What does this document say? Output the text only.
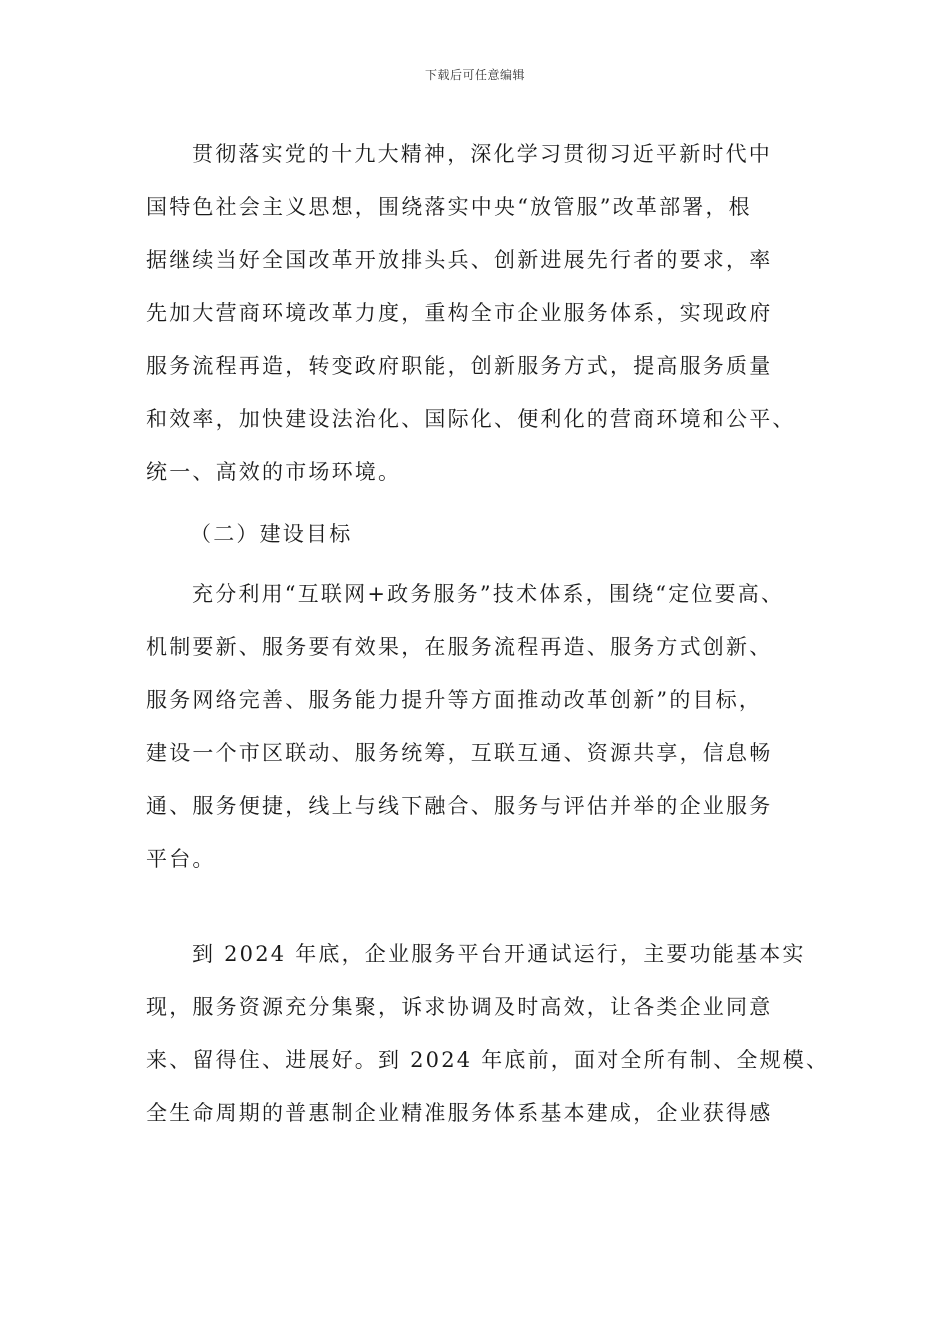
下载后可任意编辑
贯彻落实党的十九大精神，深化学习贯彻习近平新时代中
国特色社会主义思想，围绕落实中央“放管服”改革部署，根
据继续当好全国改革开放排头兵、创新进展先行者的要求，率
先加大营商环境改革力度，重构全市企业服务体系，实现政府
服务流程再造，转变政府职能，创新服务方式，提高服务质量
和效率，加快建设法治化、国际化、便利化的营商环境和公平、
统一、高效的市场环境。
（二）建设目标
充分利用“互联网+政务服务”技术体系，围绕“定位要高、
机制要新、服务要有效果，在服务流程再造、服务方式创新、
服务网络完善、服务能力提升等方面推动改革创新”的目标，
建设一个市区联动、服务统筹，互联互通、资源共享，信息畅
通、服务便捷，线上与线下融合、服务与评估并举的企业服务
平台。
到 2024 年底，企业服务平台开通试运行，主要功能基本实
现，服务资源充分集聚，诉求协调及时高效，让各类企业同意
来、留得住、进展好。到 2024 年底前，面对全所有制、全规模、
全生命周期的普惠制企业精准服务体系基本建成，企业获得感
